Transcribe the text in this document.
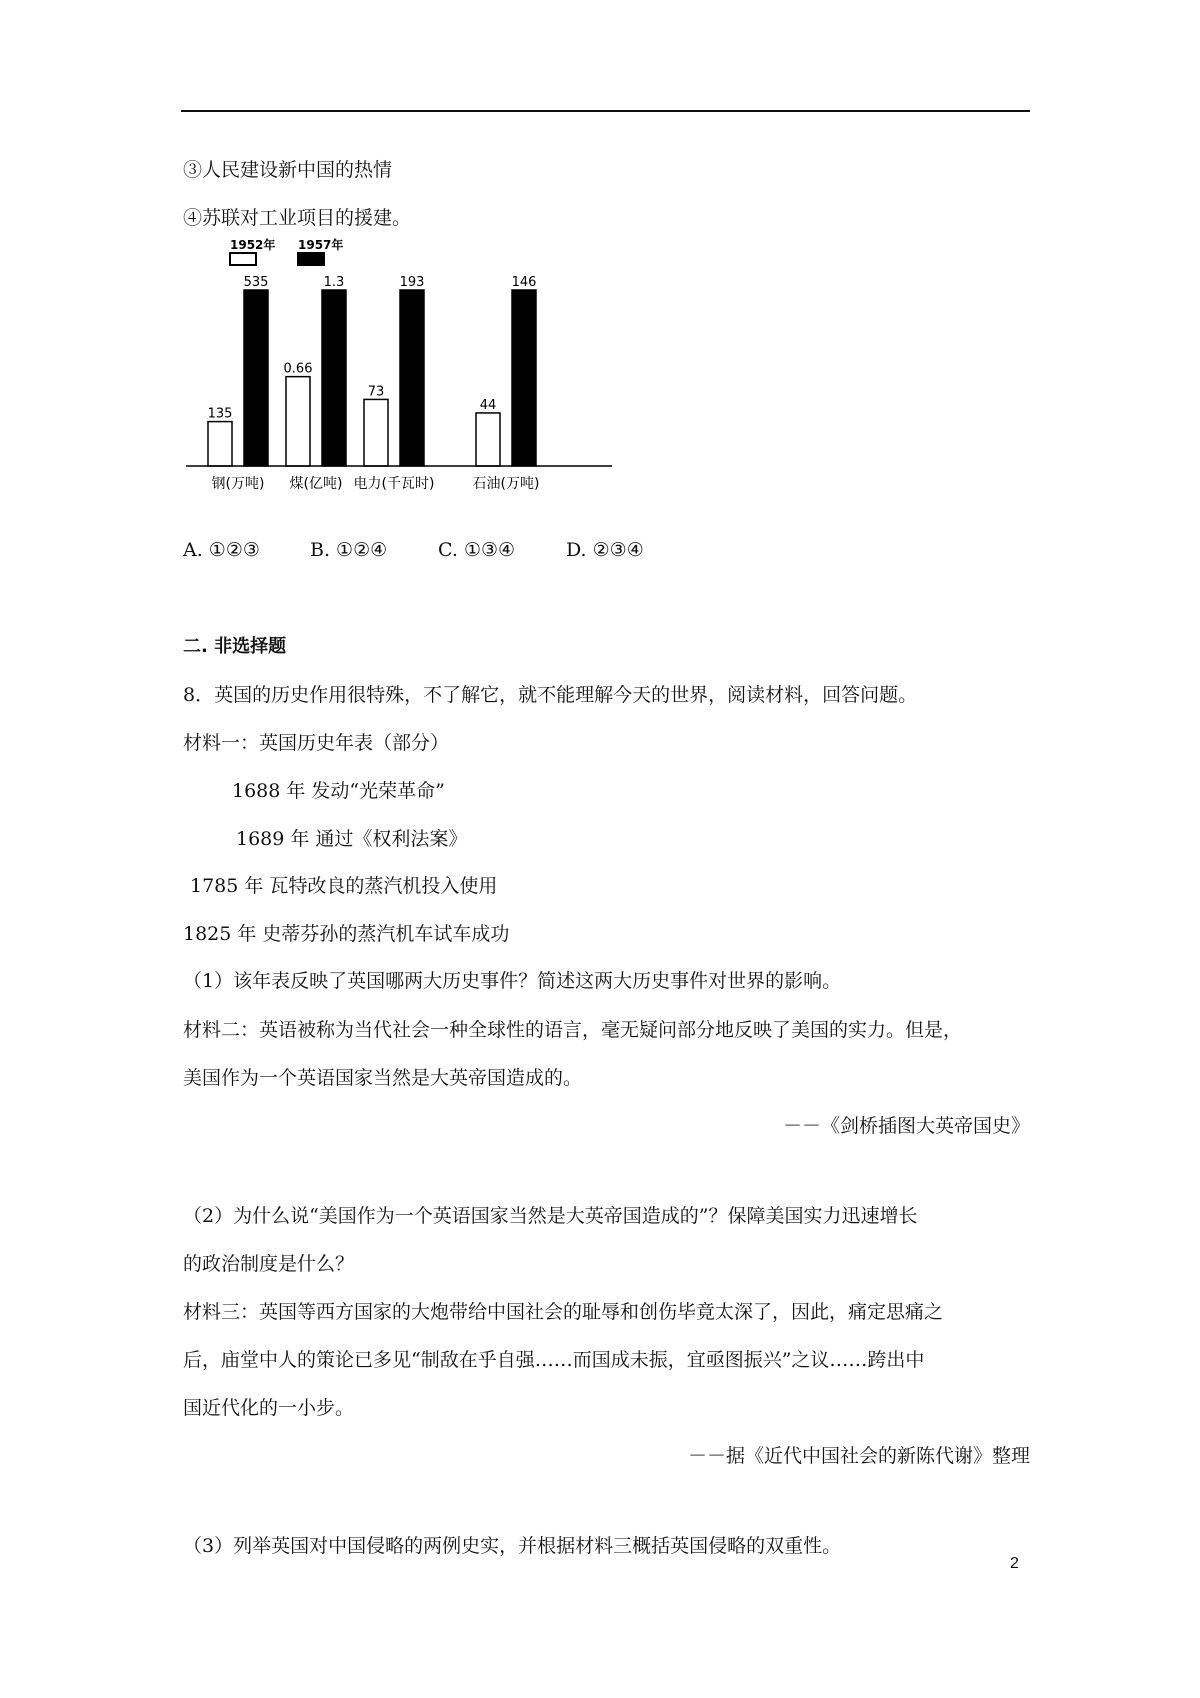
③人民建设新中国的热情
④苏联对工业项目的援建。
1952年 1957年
135
535
0.66
1.3
73
193
44
146
钢(万吨) 煤(亿吨) 电力(千瓦时)	石油(万吨)
A. ①②③	B. ①②④	C. ①③④	D. ②③④
二. 非选择题
8．英国的历史作用很特殊，不了解它，就不能理解今天的世界，阅读材料，回答问题。
材料一：英国历史年表（部分）
1688 年 发动“光荣革命”
1689 年 通过《权利法案》
1785 年 瓦特改良的蒸汽机投入使用
1825 年 史蒂芬孙的蒸汽机车试车成功
（1）该年表反映了英国哪两大历史事件？简述这两大历史事件对世界的影响。
材料二：英语被称为当代社会一种全球性的语言，毫无疑问部分地反映了美国的实力。但是，
美国作为一个英语国家当然是大英帝国造成的。
－－《剑桥插图大英帝国史》
（2）为什么说“美国作为一个英语国家当然是大英帝国造成的”？保障美国实力迅速增长
的政治制度是什么？
材料三：英国等西方国家的大炮带给中国社会的耻辱和创伤毕竟太深了，因此，痛定思痛之
后，庙堂中人的策论已多见“制敌在乎自强……而国成未振，宜亟图振兴”之议……跨出中
国近代化的一小步。
－－据《近代中国社会的新陈代谢》整理
（3）列举英国对中国侵略的两例史实，并根据材料三概括英国侵略的双重性。
2
